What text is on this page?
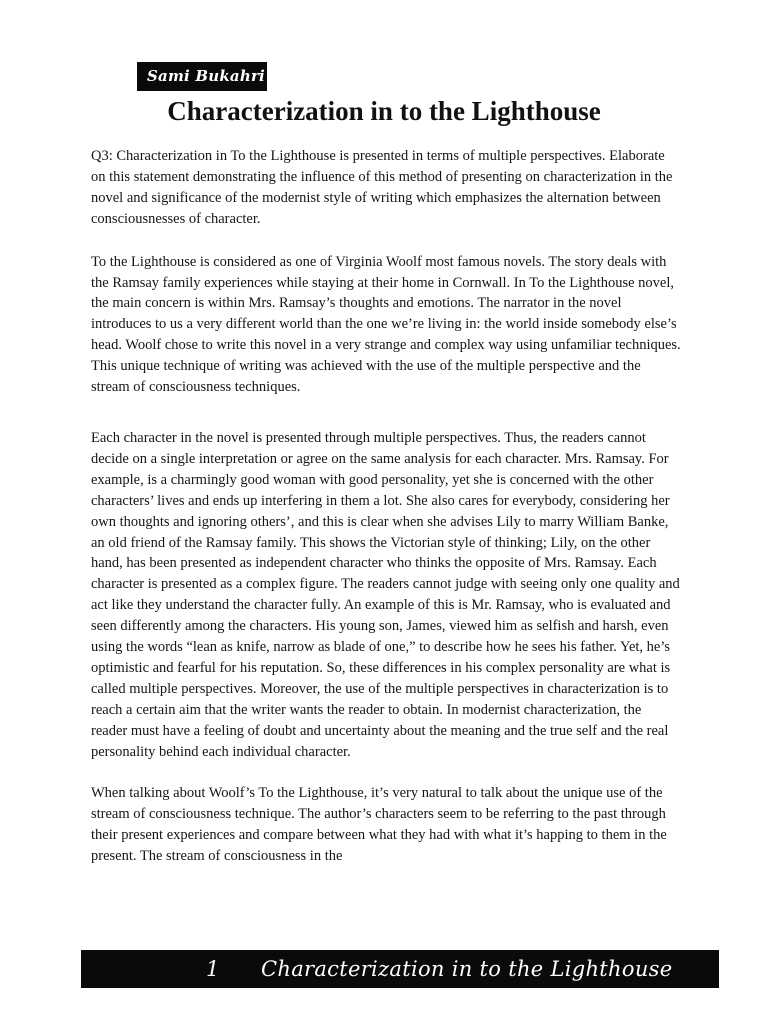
Sami Bukahri
Characterization in to the Lighthouse

Q3: Characterization in To the Lighthouse is presented in terms of multiple perspectives. Elaborate on this statement demonstrating the influence of this method of presenting on characterization in the novel and significance of the modernist style of writing which emphasizes the alternation between consciousnesses of character.

To the Lighthouse is considered as one of Virginia Woolf most famous novels. The story deals with the Ramsay family experiences while staying at their home in Cornwall. In To the Lighthouse novel, the main concern is within Mrs. Ramsay’s thoughts and emotions. The narrator in the novel introduces to us a very different world than the one we’re living in: the world inside somebody else’s head. Woolf chose to write this novel in a very strange and complex way using unfamiliar techniques. This unique technique of writing was achieved with the use of the multiple perspective and the stream of consciousness techniques.

Each character in the novel is presented through multiple perspectives. Thus, the readers cannot decide on a single interpretation or agree on the same analysis for each character. Mrs. Ramsay. For example, is a charmingly good woman with good personality, yet she is concerned with the other characters’ lives and ends up interfering in them a lot. She also cares for everybody, considering her own thoughts and ignoring others’, and this is clear when she advises Lily to marry William Banke, an old friend of the Ramsay family. This shows the Victorian style of thinking; Lily, on the other hand, has been presented as independent character who thinks the opposite of Mrs. Ramsay. Each character is presented as a complex figure. The readers cannot judge with seeing only one quality and act like they understand the character fully. An example of this is Mr. Ramsay, who is evaluated and seen differently among the characters. His young son, James, viewed him as selfish and harsh, even using the words “lean as knife, narrow as blade of one,” to describe how he sees his father. Yet, he’s optimistic and fearful for his reputation. So, these differences in his complex personality are what is called multiple perspectives. Moreover, the use of the multiple perspectives in characterization is to reach a certain aim that the writer wants the reader to obtain. In modernist characterization, the reader must have a feeling of doubt and uncertainty about the meaning and the true self and the real personality behind each individual character.

When talking about Woolf’s To the Lighthouse, it’s very natural to talk about the unique use of the stream of consciousness technique. The author’s characters seem to be referring to the past through their present experiences and compare between what they had with what it’s happing to them in the present. The stream of consciousness in the

1	Characterization in to the Lighthouse
